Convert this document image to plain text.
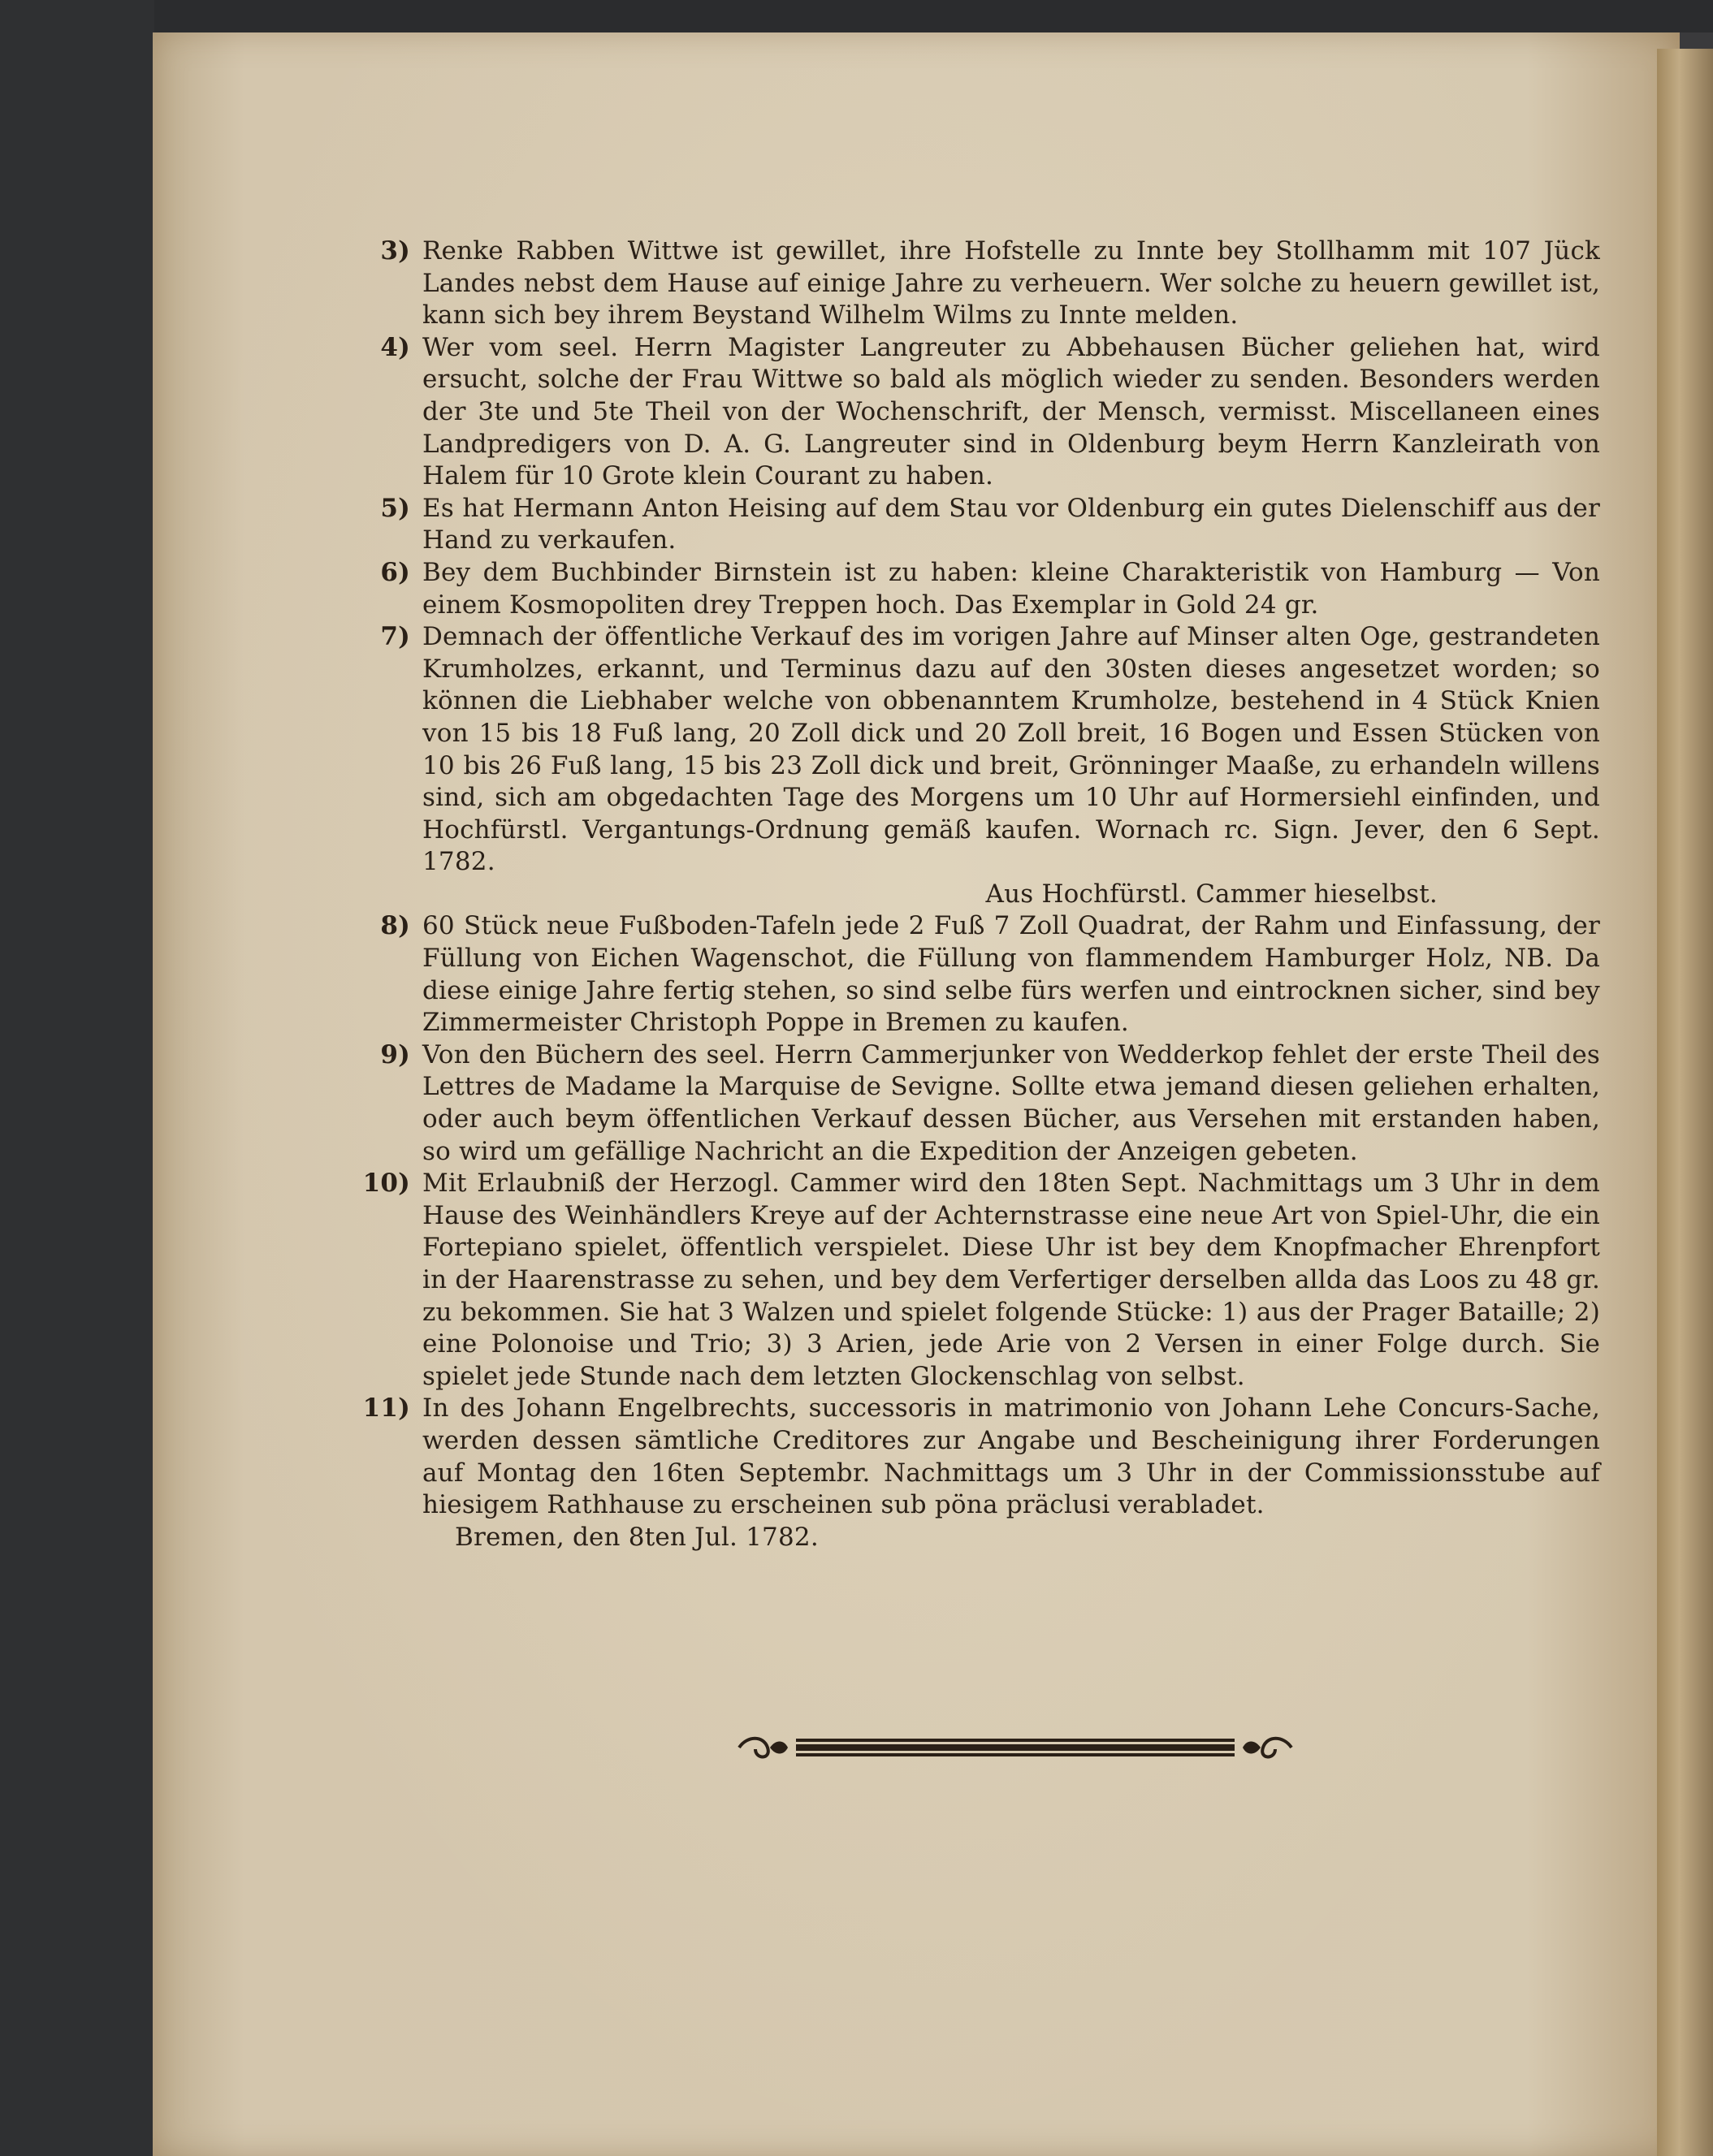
3) Renke Rabben Wittwe ist gewillet, ihre Hofstelle zu Innte bey Stollhamm mit 107 Jück Landes nebst dem Hause auf einige Jahre zu verheuern. Wer solche zu heuern gewillet ist, kann sich bey ihrem Beystand Wilhelm Wilms zu Innte melden.
4) Wer vom seel. Herrn Magister Langreuter zu Abbehausen Bücher geliehen hat, wird ersucht, solche der Frau Wittwe so bald als möglich wieder zu senden. Besonders werden der 3te und 5te Theil von der Wochenschrift, der Mensch, vermisst. Miscellaneen eines Landpredigers von D. A. G. Langreuter sind in Oldenburg beym Herrn Kanzleirath von Halem für 10 Grote klein Courant zu haben.
5) Es hat Hermann Anton Heising auf dem Stau vor Oldenburg ein gutes Dielenschiff aus der Hand zu verkaufen.
6) Bey dem Buchbinder Birnstein ist zu haben: kleine Charakteristik von Hamburg — Von einem Kosmopoliten drey Treppen hoch. Das Exemplar in Gold 24 gr.
7) Demnach der öffentliche Verkauf des im vorigen Jahre auf Minser alten Oge, gestrandeten Krumholzes, erkannt, und Terminus dazu auf den 30sten dieses angesetzet worden; so können die Liebhaber welche von obbenanntem Krumholze, bestehend in 4 Stück Knien von 15 bis 18 Fuß lang, 20 Zoll dick und 20 Zoll breit, 16 Bogen und Essen Stücken von 10 bis 26 Fuß lang, 15 bis 23 Zoll dick und breit, Grönninger Maaße, zu erhandeln willens sind, sich am obgedachten Tage des Morgens um 10 Uhr auf Hormersiehl einfinden, und Hochfürstl. Vergantungs-Ordnung gemäß kaufen. Wornach rc. Sign. Jever, den 6 Sept. 1782.
Aus Hochfürstl. Cammer hieselbst.
8) 60 Stück neue Fußboden-Tafeln jede 2 Fuß 7 Zoll Quadrat, der Rahm und Einfassung, der Füllung von Eichen Wagenschot, die Füllung von flammendem Hamburger Holz, NB. Da diese einige Jahre fertig stehen, so sind selbe fürs werfen und eintrocknen sicher, sind bey Zimmermeister Christoph Poppe in Bremen zu kaufen.
9) Von den Büchern des seel. Herrn Cammerjunker von Wedderkop fehlet der erste Theil des Lettres de Madame la Marquise de Sevigne. Sollte etwa jemand diesen geliehen erhalten, oder auch beym öffentlichen Verkauf dessen Bücher, aus Versehen mit erstanden haben, so wird um gefällige Nachricht an die Expedition der Anzeigen gebeten.
10) Mit Erlaubniß der Herzogl. Cammer wird den 18ten Sept. Nachmittags um 3 Uhr in dem Hause des Weinhändlers Kreye auf der Achternstrasse eine neue Art von Spiel-Uhr, die ein Fortepiano spielet, öffentlich verspielet. Diese Uhr ist bey dem Knopfmacher Ehrenpfort in der Haarenstrasse zu sehen, und bey dem Verfertiger derselben allda das Loos zu 48 gr. zu bekommen. Sie hat 3 Walzen und spielet folgende Stücke: 1) aus der Prager Bataille; 2) eine Polonoise und Trio; 3) 3 Arien, jede Arie von 2 Versen in einer Folge durch. Sie spielet jede Stunde nach dem letzten Glockenschlag von selbst.
11) In des Johann Engelbrechts, successoris in matrimonio von Johann Lehe Concurs-Sache, werden dessen sämtliche Creditores zur Angabe und Bescheinigung ihrer Forderungen auf Montag den 16ten Septembr. Nachmittags um 3 Uhr in der Commissionsstube auf hiesigem Rathhause zu erscheinen sub pöna präclusi verabladet.
Bremen, den 8ten Jul. 1782.
